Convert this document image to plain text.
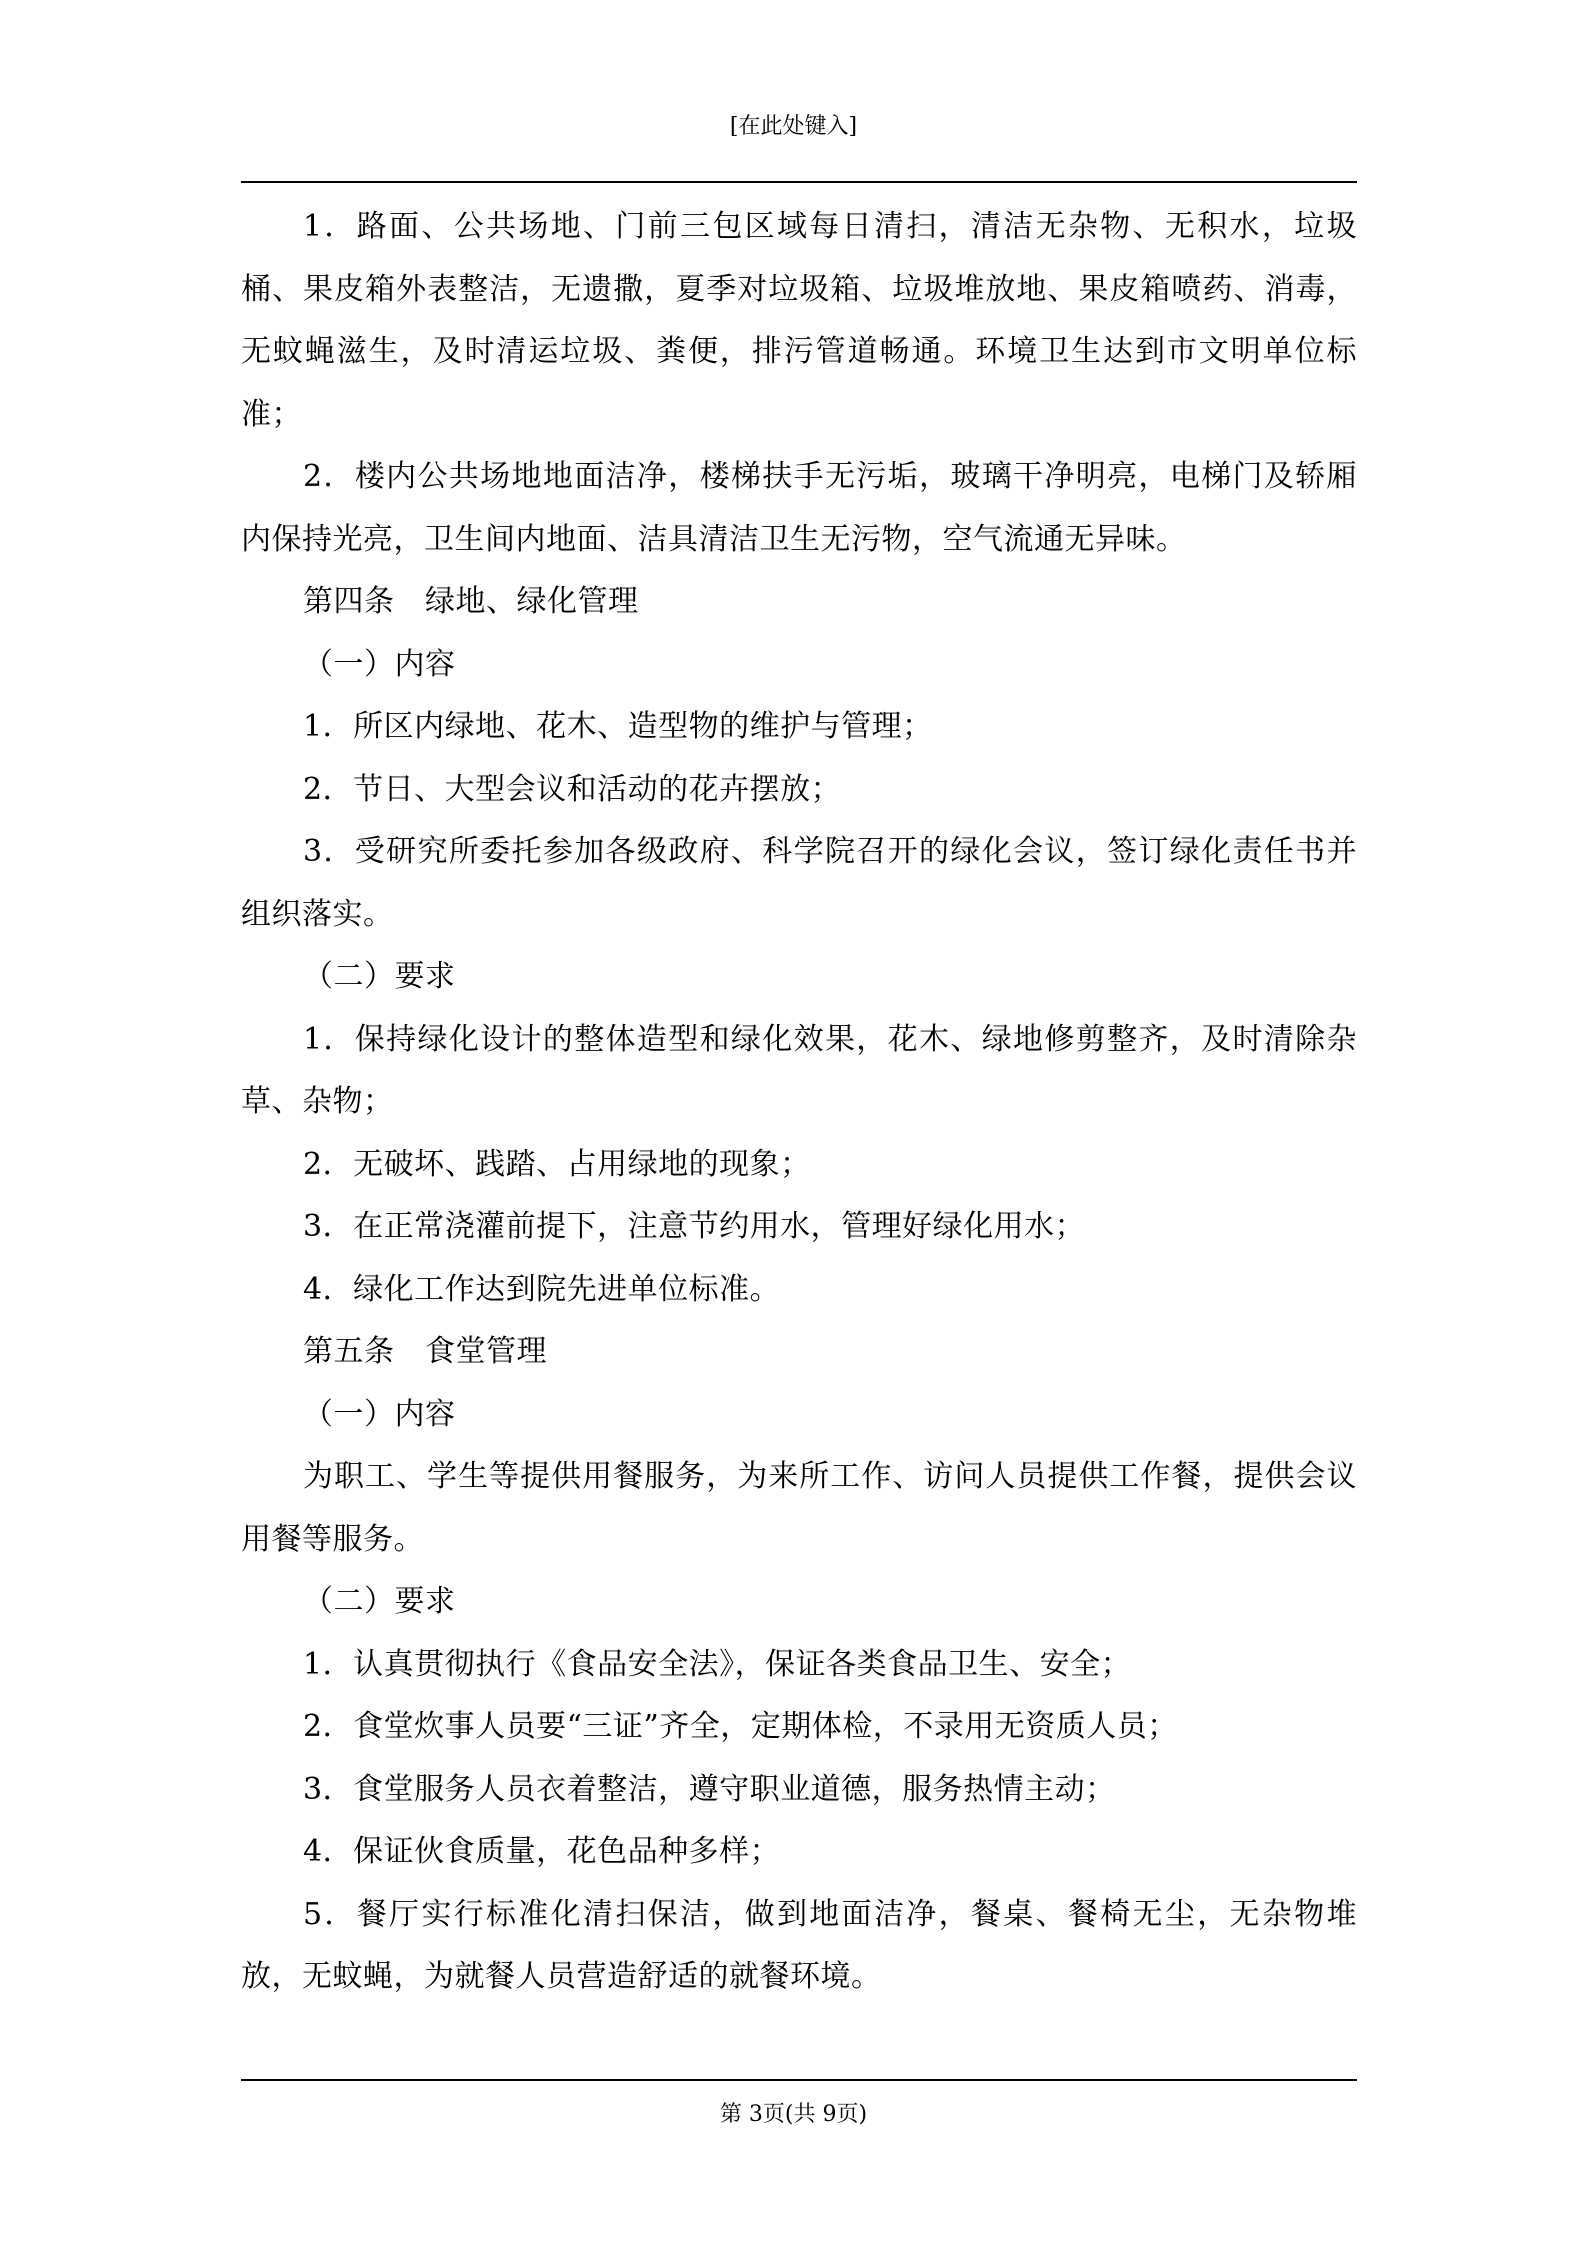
[在此处键入]

1．路面、公共场地、门前三包区域每日清扫，清洁无杂物、无积水，垃圾桶、果皮箱外表整洁，无遗撒，夏季对垃圾箱、垃圾堆放地、果皮箱喷药、消毒，无蚊蝇滋生，及时清运垃圾、粪便，排污管道畅通。环境卫生达到市文明单位标准；

2．楼内公共场地地面洁净，楼梯扶手无污垢，玻璃干净明亮，电梯门及轿厢内保持光亮，卫生间内地面、洁具清洁卫生无污物，空气流通无异味。

第四条　绿地、绿化管理

（一）内容

1．所区内绿地、花木、造型物的维护与管理；

2．节日、大型会议和活动的花卉摆放；

3．受研究所委托参加各级政府、科学院召开的绿化会议，签订绿化责任书并组织落实。

（二）要求

1．保持绿化设计的整体造型和绿化效果，花木、绿地修剪整齐，及时清除杂草、杂物；

2．无破坏、践踏、占用绿地的现象；

3．在正常浇灌前提下，注意节约用水，管理好绿化用水；

4．绿化工作达到院先进单位标准。

第五条　食堂管理

（一）内容

为职工、学生等提供用餐服务，为来所工作、访问人员提供工作餐，提供会议用餐等服务。

（二）要求

1．认真贯彻执行《食品安全法》，保证各类食品卫生、安全；

2．食堂炊事人员要“三证”齐全，定期体检，不录用无资质人员；

3．食堂服务人员衣着整洁，遵守职业道德，服务热情主动；

4．保证伙食质量，花色品种多样；

5．餐厅实行标准化清扫保洁，做到地面洁净，餐桌、餐椅无尘，无杂物堆放，无蚊蝇，为就餐人员营造舒适的就餐环境。

第 3页(共 9页)
